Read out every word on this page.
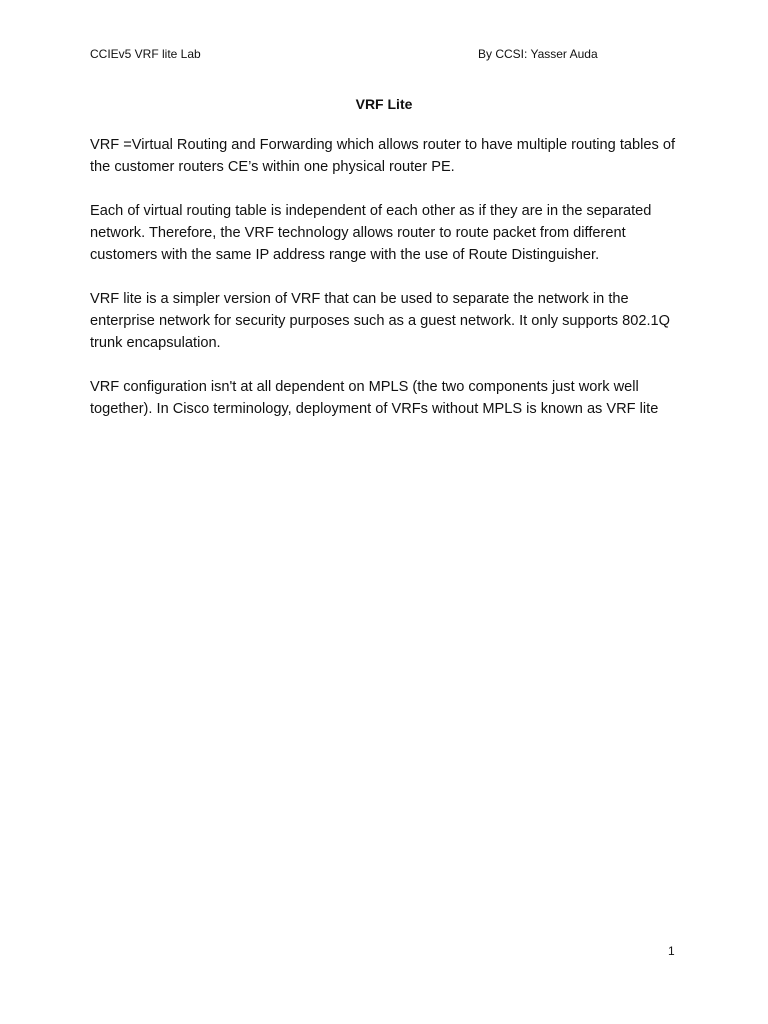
CCIEv5 VRF lite Lab	By CCSI: Yasser Auda
VRF Lite

VRF =Virtual Routing and Forwarding which allows router to have multiple routing tables of the customer routers CE’s within one physical router PE.

Each of virtual routing table is independent of each other as if they are in the separated network. Therefore, the VRF technology allows router to route packet from different customers with the same IP address range with the use of Route Distinguisher.

VRF lite is a simpler version of VRF that can be used to separate the network in the enterprise network for security purposes such as a guest network. It only supports 802.1Q trunk encapsulation.

VRF configuration isn't at all dependent on MPLS (the two components just work well together). In Cisco terminology, deployment of VRFs without MPLS is known as VRF lite

1
